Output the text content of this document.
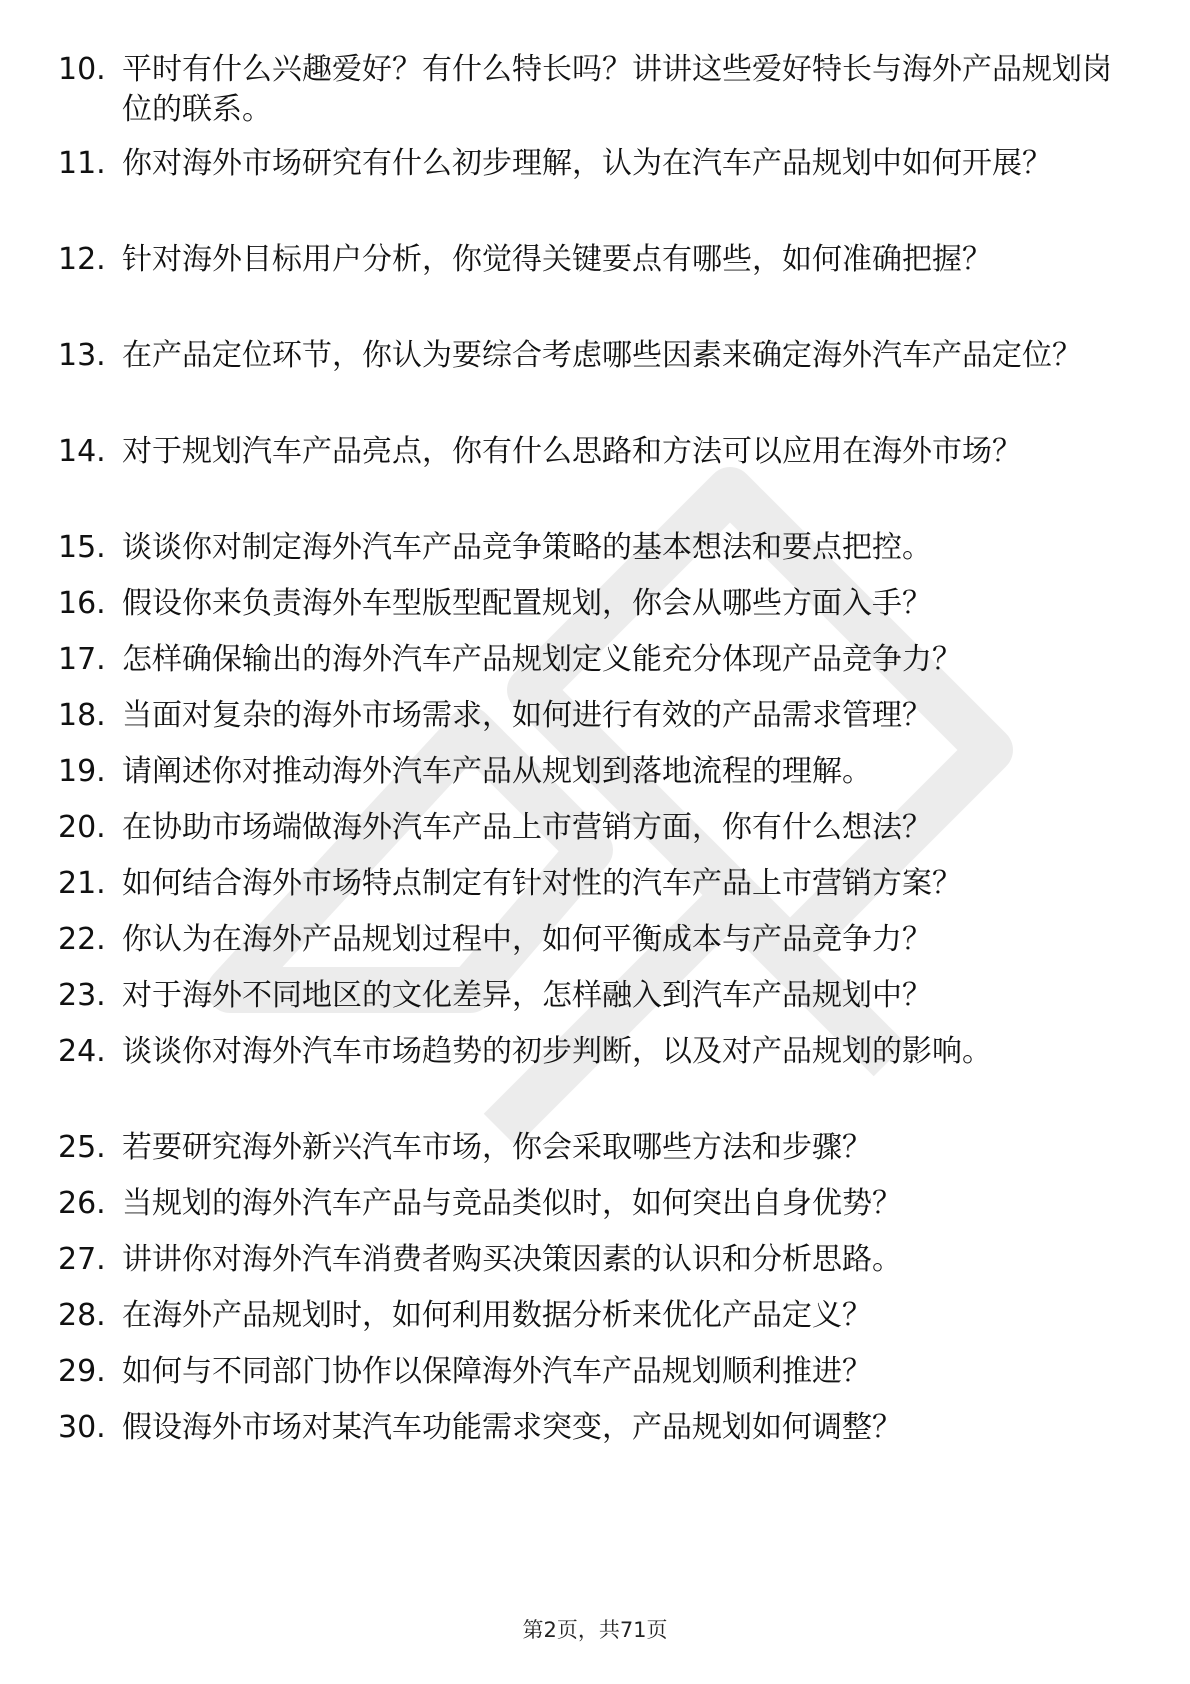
10. 平时有什么兴趣爱好？有什么特长吗？讲讲这些爱好特长与海外产品规划岗位的联系。
11. 你对海外市场研究有什么初步理解，认为在汽车产品规划中如何开展？
12. 针对海外目标用户分析，你觉得关键要点有哪些，如何准确把握？
13. 在产品定位环节，你认为要综合考虑哪些因素来确定海外汽车产品定位？
14. 对于规划汽车产品亮点，你有什么思路和方法可以应用在海外市场？
15. 谈谈你对制定海外汽车产品竞争策略的基本想法和要点把控。
16. 假设你来负责海外车型版型配置规划，你会从哪些方面入手？
17. 怎样确保输出的海外汽车产品规划定义能充分体现产品竞争力？
18. 当面对复杂的海外市场需求，如何进行有效的产品需求管理？
19. 请阐述你对推动海外汽车产品从规划到落地流程的理解。
20. 在协助市场端做海外汽车产品上市营销方面，你有什么想法？
21. 如何结合海外市场特点制定有针对性的汽车产品上市营销方案？
22. 你认为在海外产品规划过程中，如何平衡成本与产品竞争力？
23. 对于海外不同地区的文化差异，怎样融入到汽车产品规划中？
24. 谈谈你对海外汽车市场趋势的初步判断，以及对产品规划的影响。
25. 若要研究海外新兴汽车市场，你会采取哪些方法和步骤？
26. 当规划的海外汽车产品与竞品类似时，如何突出自身优势？
27. 讲讲你对海外汽车消费者购买决策因素的认识和分析思路。
28. 在海外产品规划时，如何利用数据分析来优化产品定义？
29. 如何与不同部门协作以保障海外汽车产品规划顺利推进？
30. 假设海外市场对某汽车功能需求突变，产品规划如何调整？
第2页，共71页
